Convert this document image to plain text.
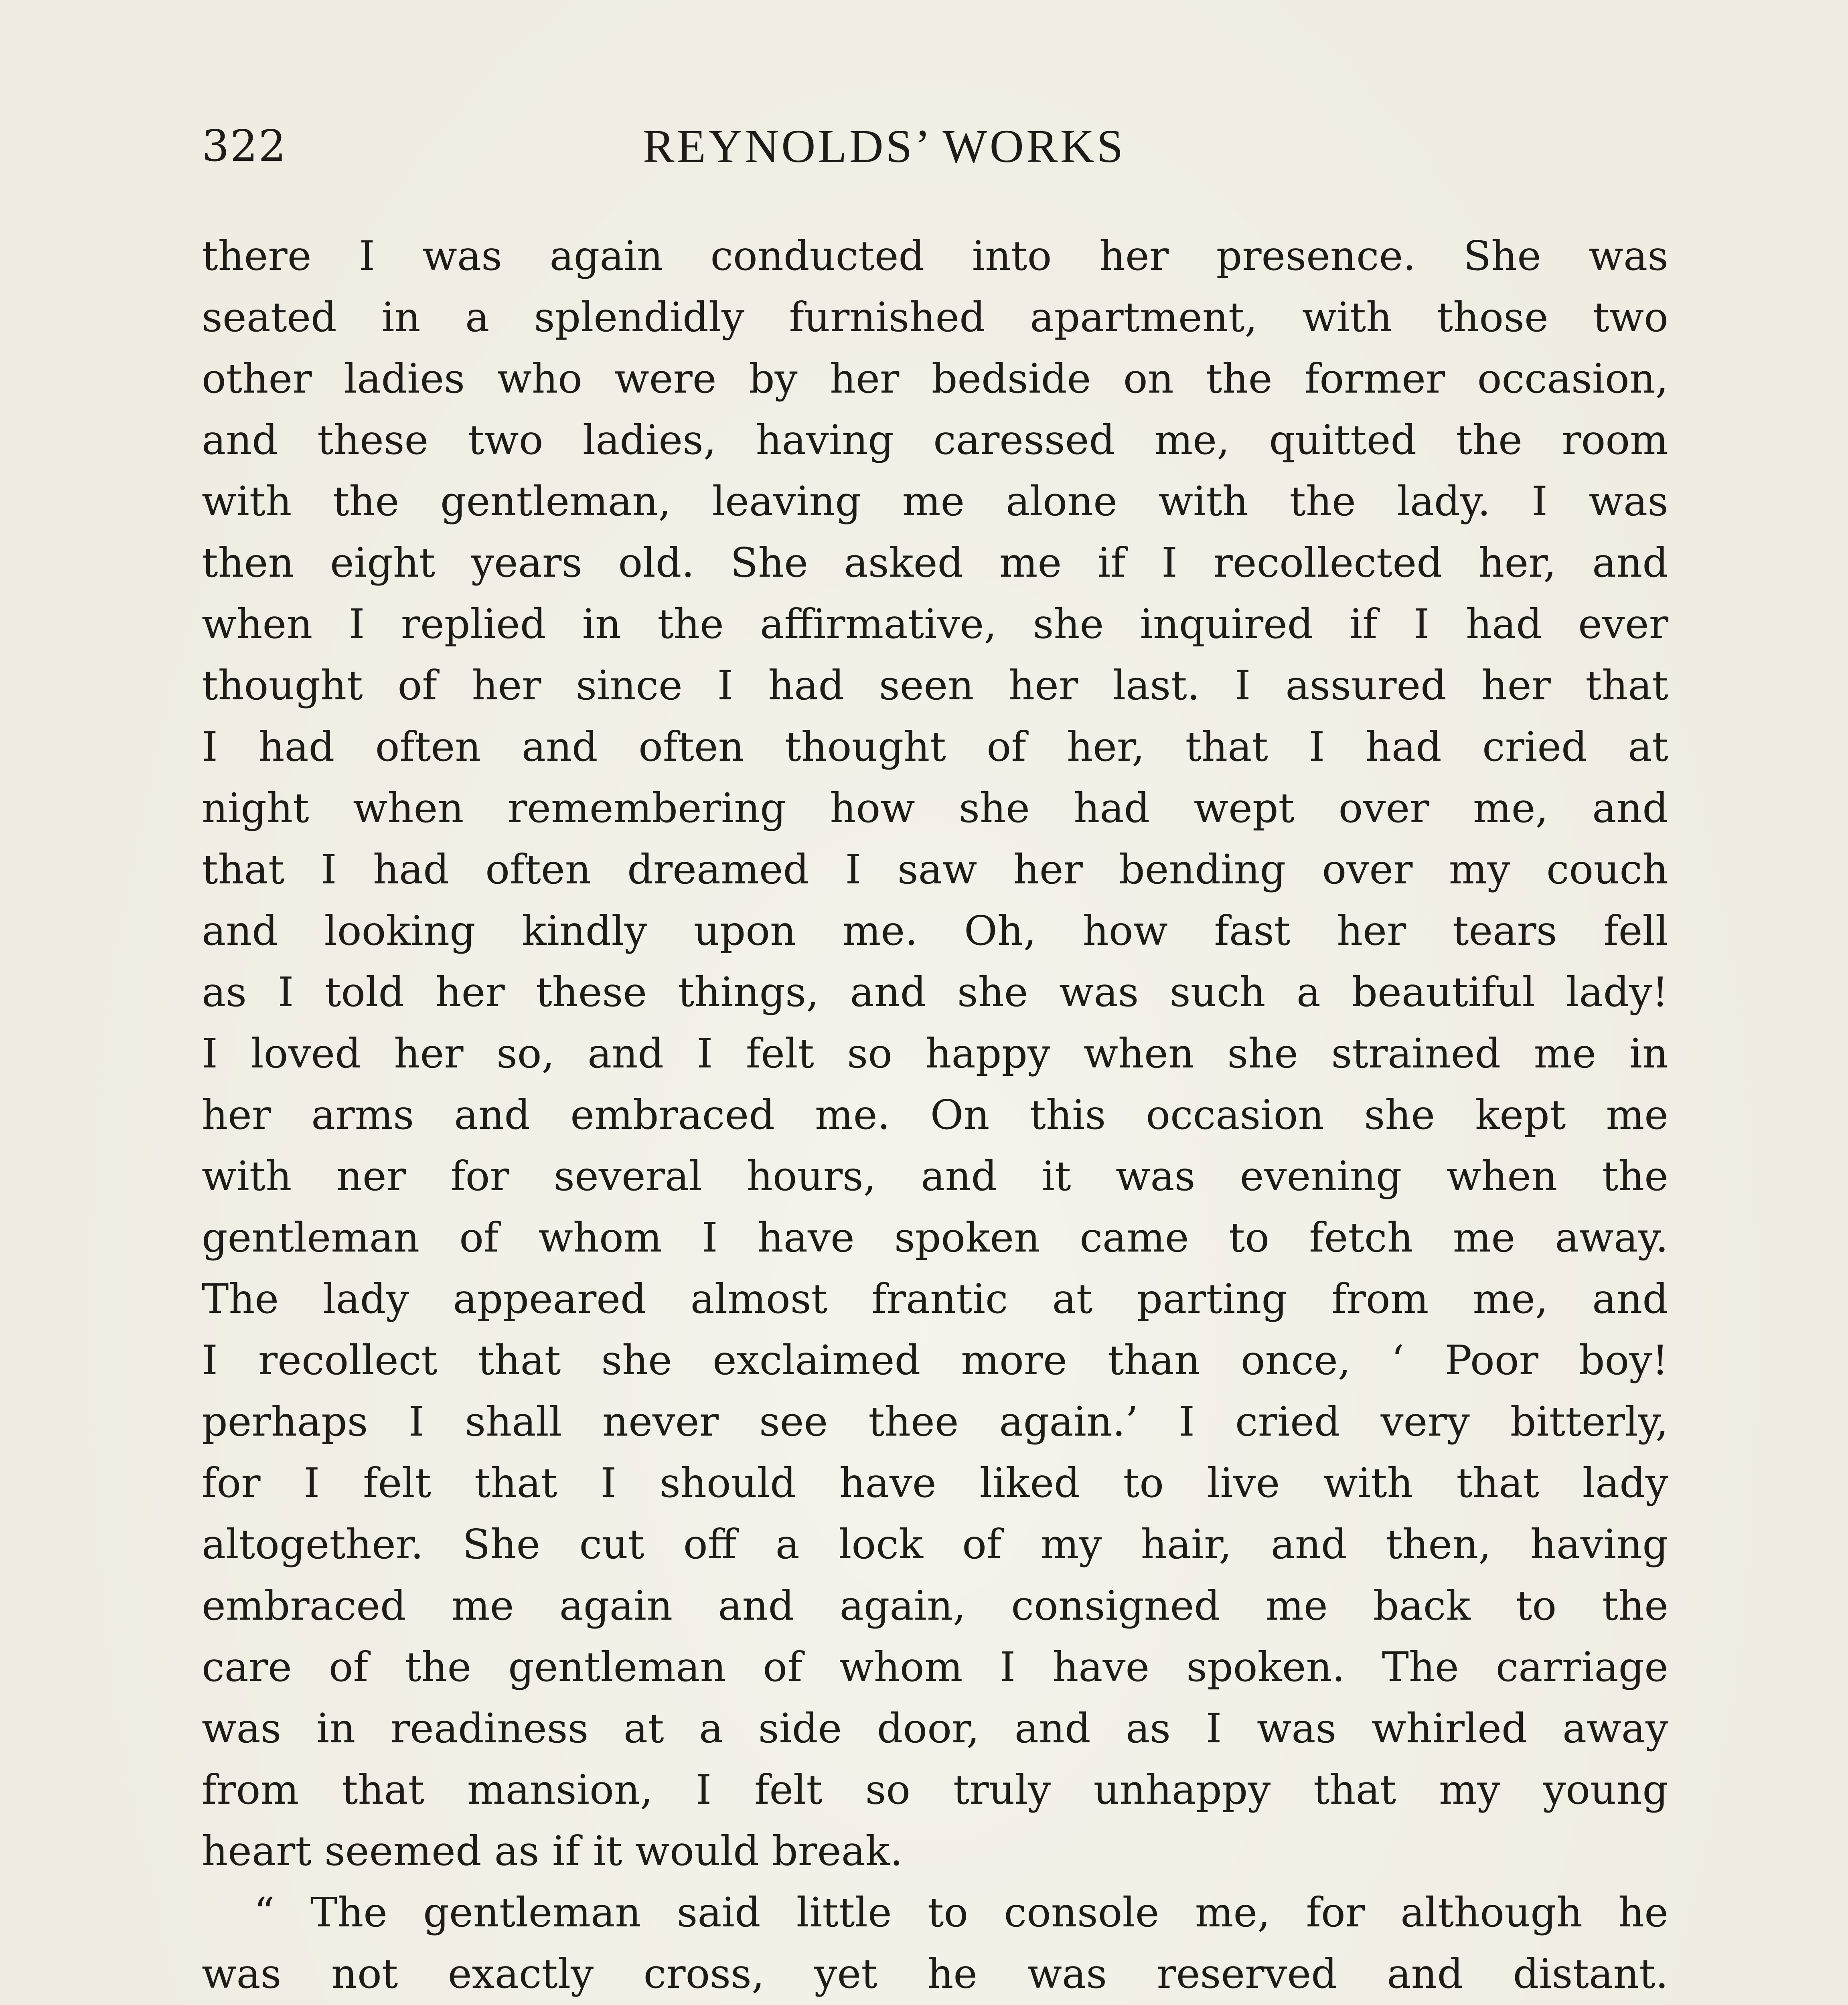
322	REYNOLDS’ WORKS
there I was again conducted into her presence. She was
seated in a splendidly furnished apartment, with those two
other ladies who were by her bedside on the former occasion,
and these two ladies, having caressed me, quitted the room
with the gentleman, leaving me alone with the lady. I was
then eight years old. She asked me if I recollected her, and
when I replied in the affirmative, she inquired if I had ever
thought of her since I had seen her last. I assured her that
I had often and often thought of her, that I had cried at
night when remembering how she had wept over me, and
that I had often dreamed I saw her bending over my couch
and looking kindly upon me. Oh, how fast her tears fell
as I told her these things, and she was such a beautiful lady!
I loved her so, and I felt so happy when she strained me in
her arms and embraced me. On this occasion she kept me
with ner for several hours, and it was evening when the
gentleman of whom I have spoken came to fetch me away.
The lady appeared almost frantic at parting from me, and
I recollect that she exclaimed more than once, ‘ Poor boy!
perhaps I shall never see thee again.’ I cried very bitterly,
for I felt that I should have liked to live with that lady
altogether. She cut off a lock of my hair, and then, having
embraced me again and again, consigned me back to the
care of the gentleman of whom I have spoken. The carriage
was in readiness at a side door, and as I was whirled away
from that mansion, I felt so truly unhappy that my young
heart seemed as if it would break.
“ The gentleman said little to console me, for although he
was not exactly cross, yet he was reserved and distant.
